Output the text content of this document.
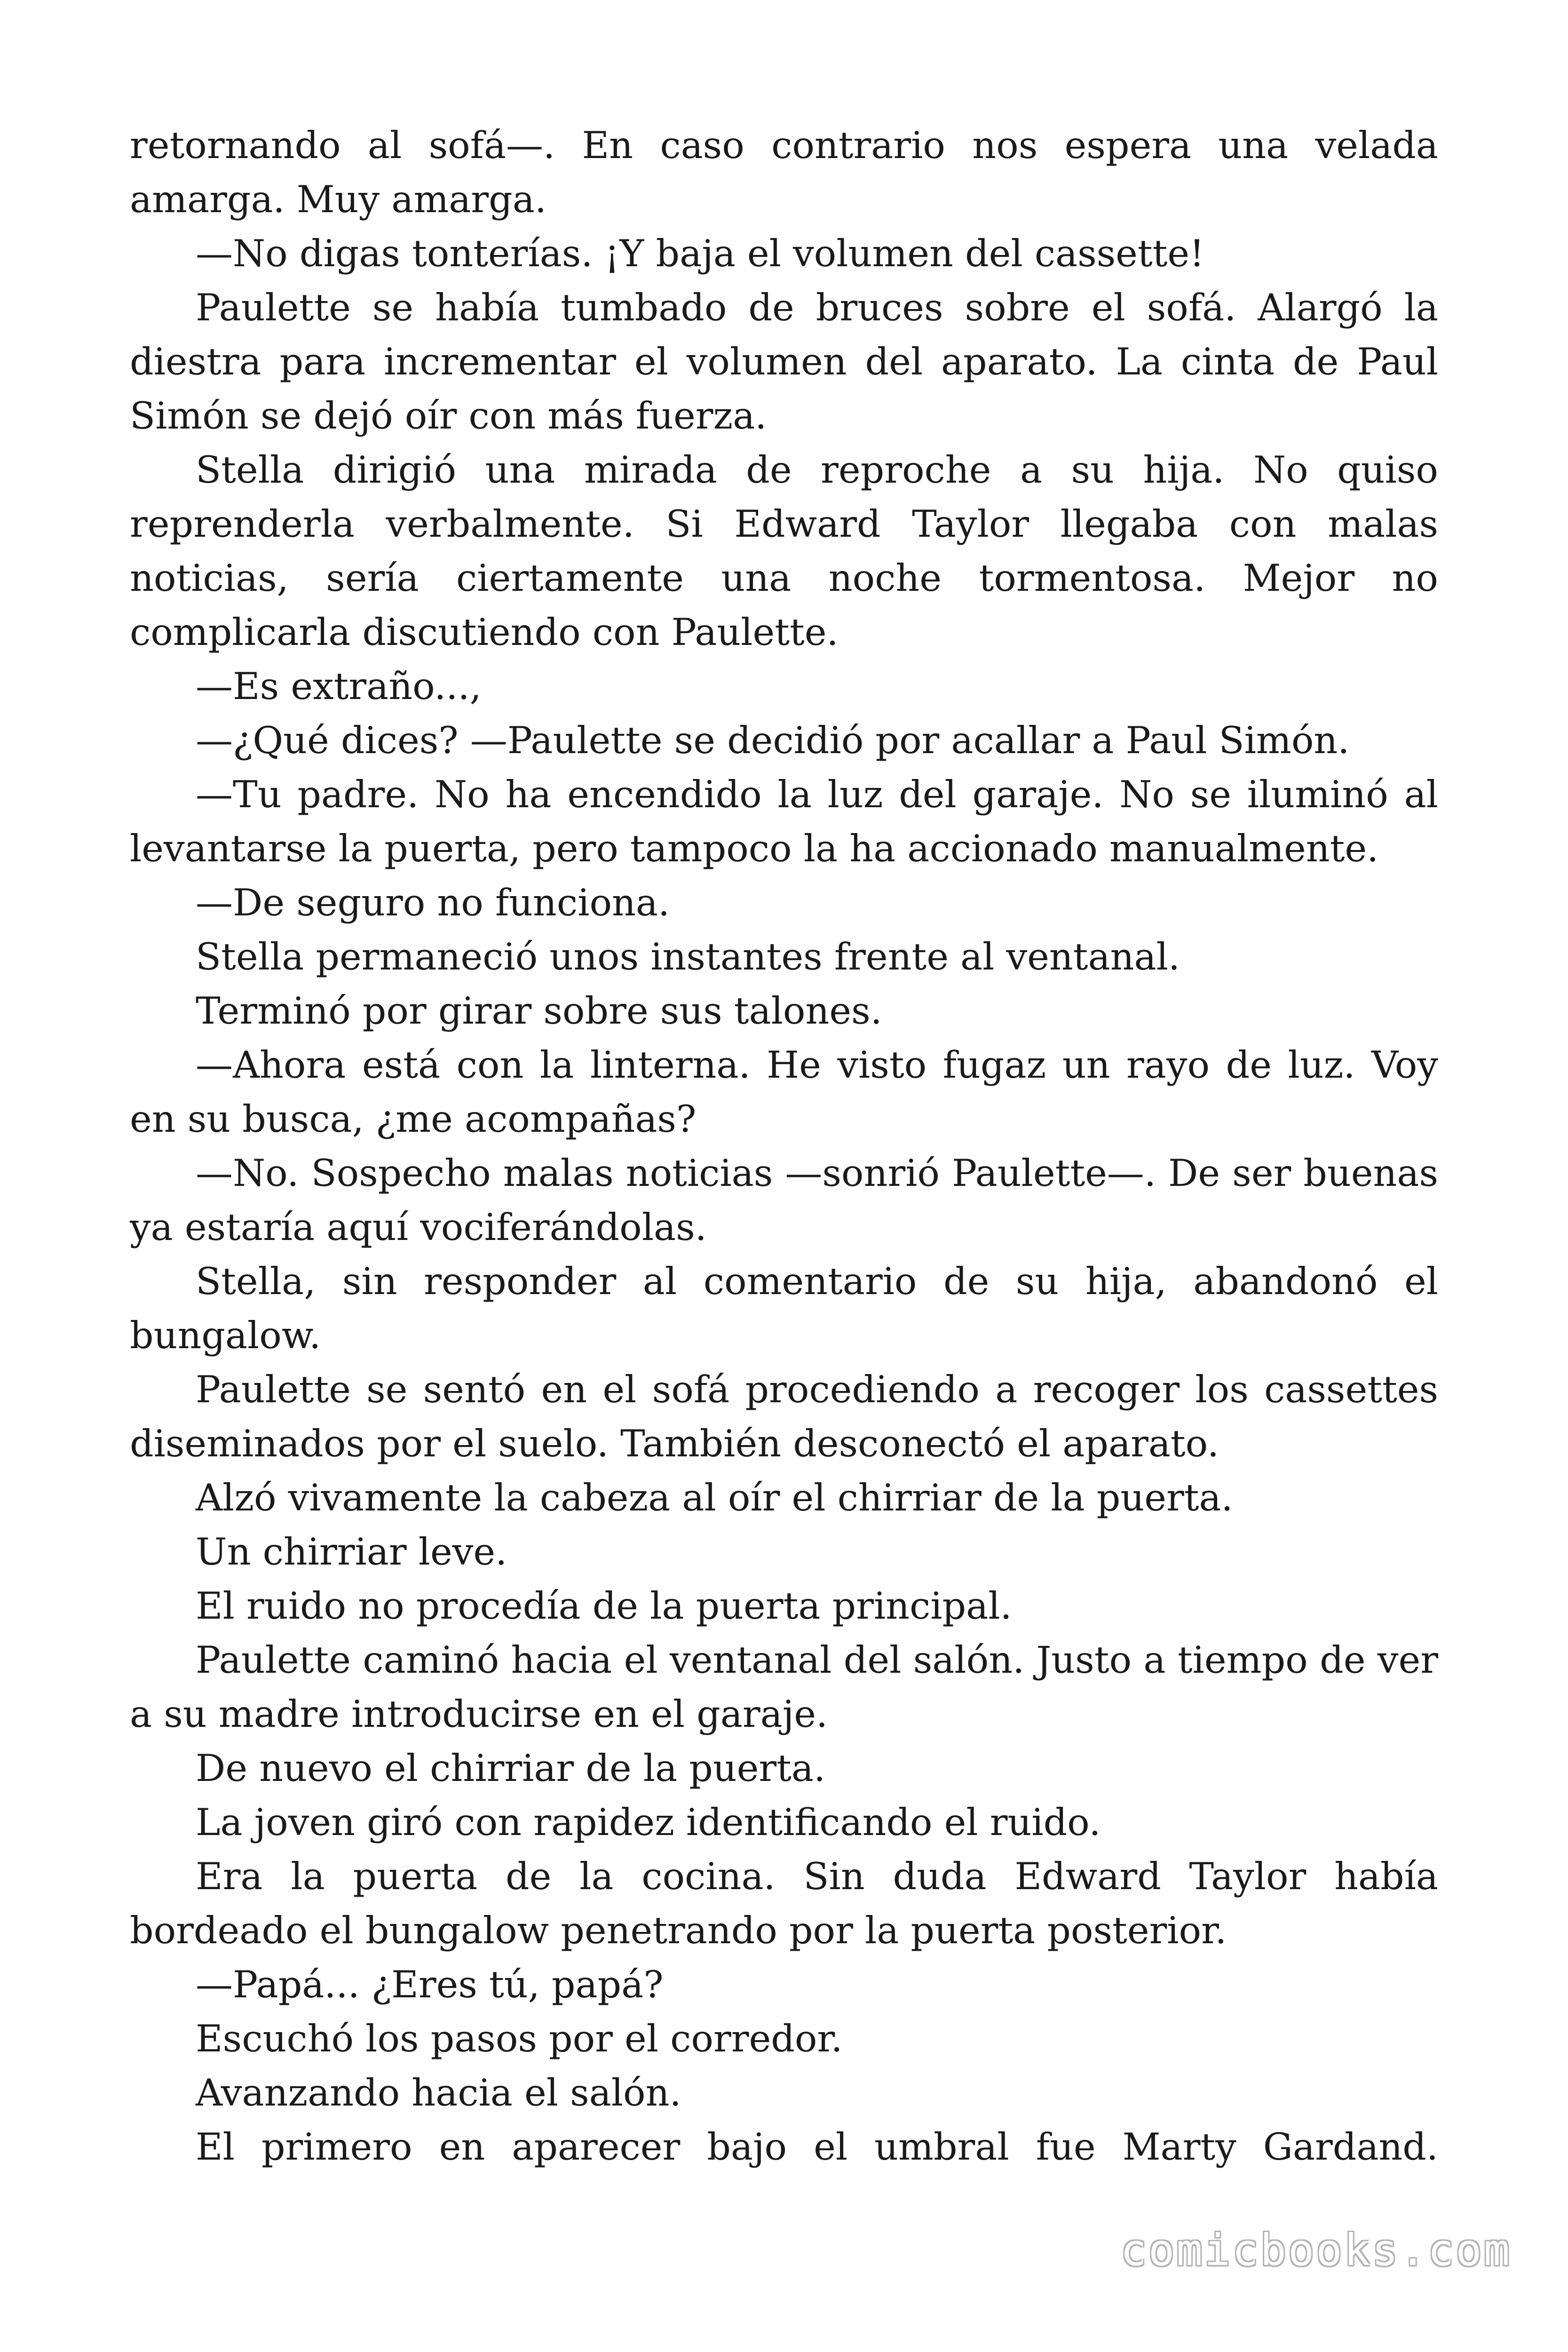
retornando al sofá—. En caso contrario nos espera una velada amarga. Muy amarga.

—No digas tonterías. ¡Y baja el volumen del cassette!

Paulette se había tumbado de bruces sobre el sofá. Alargó la diestra para incrementar el volumen del aparato. La cinta de Paul Simón se dejó oír con más fuerza.

Stella dirigió una mirada de reproche a su hija. No quiso reprenderla verbalmente. Si Edward Taylor llegaba con malas noticias, sería ciertamente una noche tormentosa. Mejor no complicarla discutiendo con Paulette.

—Es extraño...,

—¿Qué dices? —Paulette se decidió por acallar a Paul Simón.

—Tu padre. No ha encendido la luz del garaje. No se iluminó al levantarse la puerta, pero tampoco la ha accionado manualmente.

—De seguro no funciona.

Stella permaneció unos instantes frente al ventanal.

Terminó por girar sobre sus talones.

—Ahora está con la linterna. He visto fugaz un rayo de luz. Voy en su busca, ¿me acompañas?

—No. Sospecho malas noticias —sonrió Paulette—. De ser buenas ya estaría aquí vociferándolas.

Stella, sin responder al comentario de su hija, abandonó el bungalow.

Paulette se sentó en el sofá procediendo a recoger los cassettes diseminados por el suelo. También desconectó el aparato.

Alzó vivamente la cabeza al oír el chirriar de la puerta.

Un chirriar leve.

El ruido no procedía de la puerta principal.

Paulette caminó hacia el ventanal del salón. Justo a tiempo de ver a su madre introducirse en el garaje.

De nuevo el chirriar de la puerta.

La joven giró con rapidez identificando el ruido.

Era la puerta de la cocina. Sin duda Edward Taylor había bordeado el bungalow penetrando por la puerta posterior.

—Papá... ¿Eres tú, papá?

Escuchó los pasos por el corredor.

Avanzando hacia el salón.

El primero en aparecer bajo el umbral fue Marty Gardand.

comicbooks.com
